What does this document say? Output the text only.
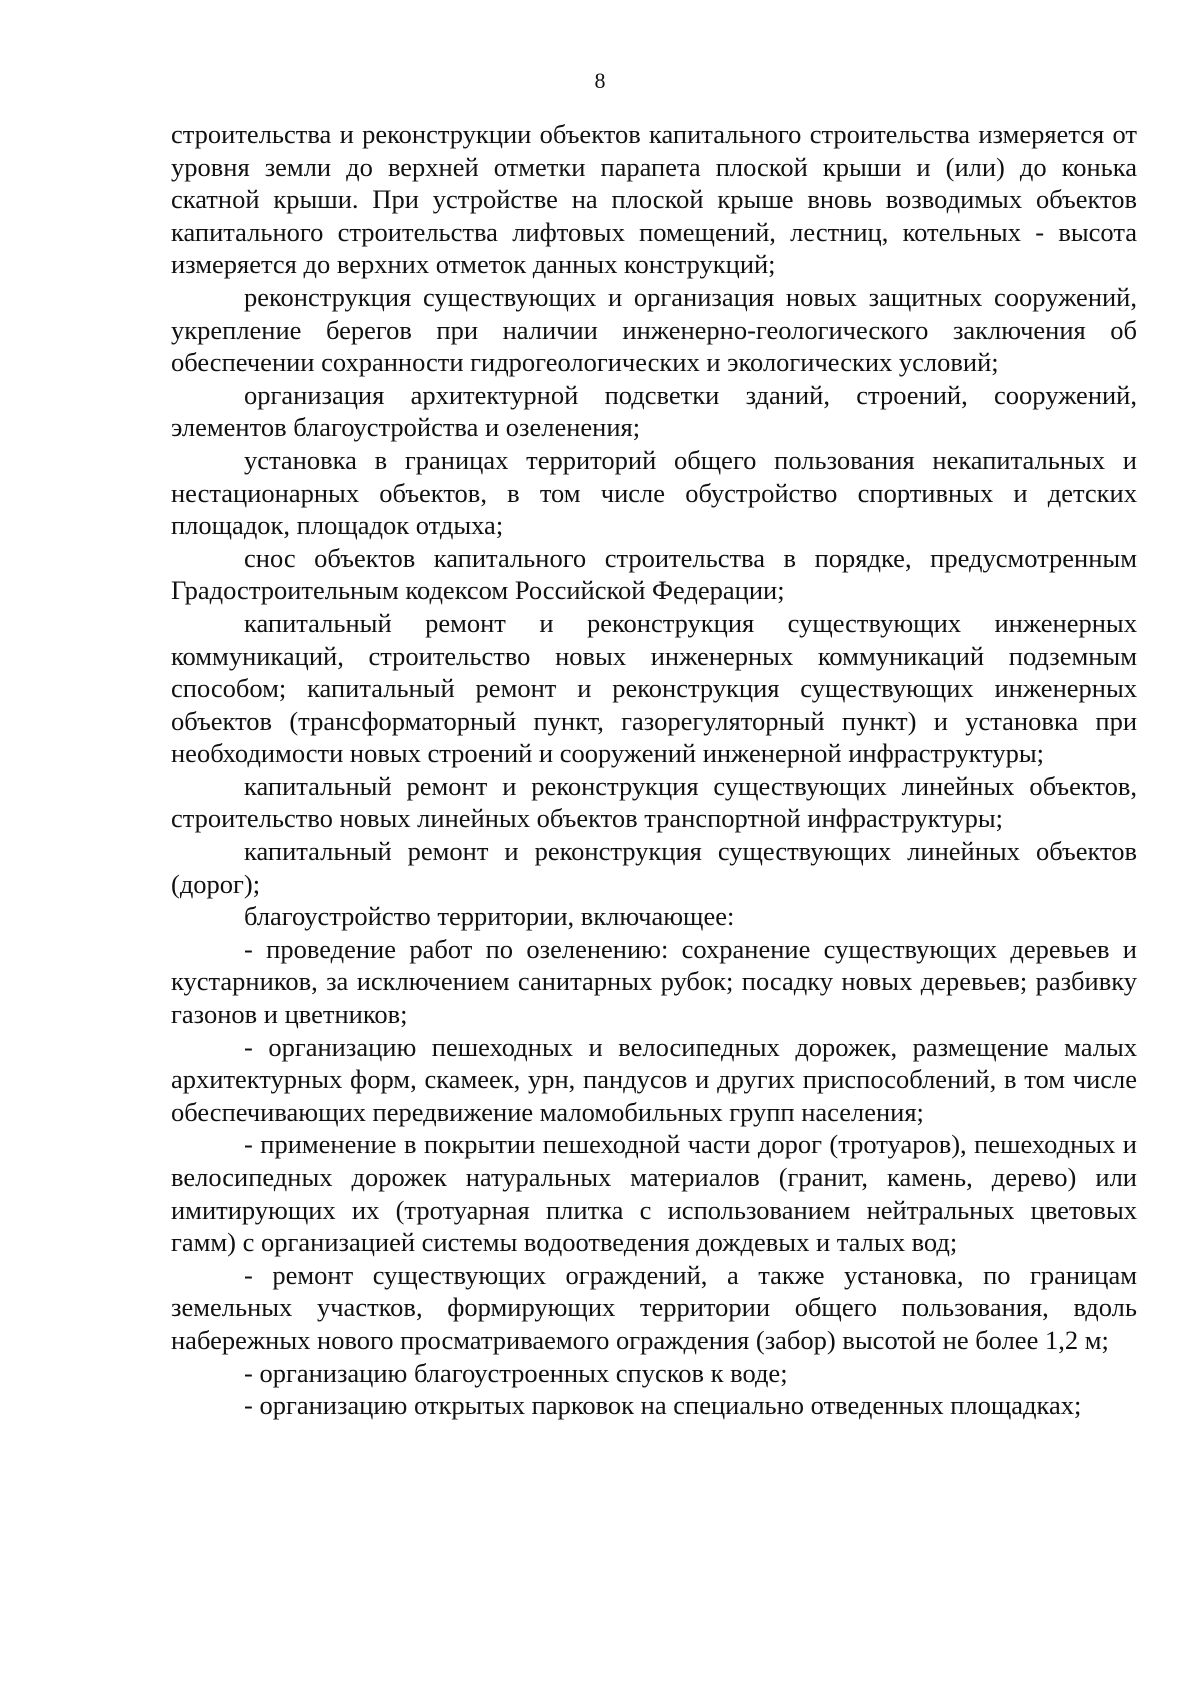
8

строительства и реконструкции объектов капитального строительства измеряется от уровня земли до верхней отметки парапета плоской крыши и (или) до конька скатной крыши. При устройстве на плоской крыше вновь возводимых объектов капитального строительства лифтовых помещений, лестниц, котельных - высота измеряется до верхних отметок данных конструкций;

реконструкция существующих и организация новых защитных сооружений, укрепление берегов при наличии инженерно-геологического заключения об обеспечении сохранности гидрогеологических и экологических условий;

организация архитектурной подсветки зданий, строений, сооружений, элементов благоустройства и озеленения;

установка в границах территорий общего пользования некапитальных и нестационарных объектов, в том числе обустройство спортивных и детских площадок, площадок отдыха;

снос объектов капитального строительства в порядке, предусмотренным Градостроительным кодексом Российской Федерации;

капитальный ремонт и реконструкция существующих инженерных коммуникаций, строительство новых инженерных коммуникаций подземным способом; капитальный ремонт и реконструкция существующих инженерных объектов (трансформаторный пункт, газорегуляторный пункт) и установка при необходимости новых строений и сооружений инженерной инфраструктуры;

капитальный ремонт и реконструкция существующих линейных объектов, строительство новых линейных объектов транспортной инфраструктуры;

капитальный ремонт и реконструкция существующих линейных объектов (дорог);

благоустройство территории, включающее:

- проведение работ по озеленению: сохранение существующих деревьев и кустарников, за исключением санитарных рубок; посадку новых деревьев; разбивку газонов и цветников;

- организацию пешеходных и велосипедных дорожек, размещение малых архитектурных форм, скамеек, урн, пандусов и других приспособлений, в том числе обеспечивающих передвижение маломобильных групп населения;

- применение в покрытии пешеходной части дорог (тротуаров), пешеходных и велосипедных дорожек натуральных материалов (гранит, камень, дерево) или имитирующих их (тротуарная плитка с использованием нейтральных цветовых гамм) с организацией системы водоотведения дождевых и талых вод;

- ремонт существующих ограждений, а также установка, по границам земельных участков, формирующих территории общего пользования, вдоль набережных нового просматриваемого ограждения (забор) высотой не более 1,2 м;

- организацию благоустроенных спусков к воде;

- организацию открытых парковок на специально отведенных площадках;
